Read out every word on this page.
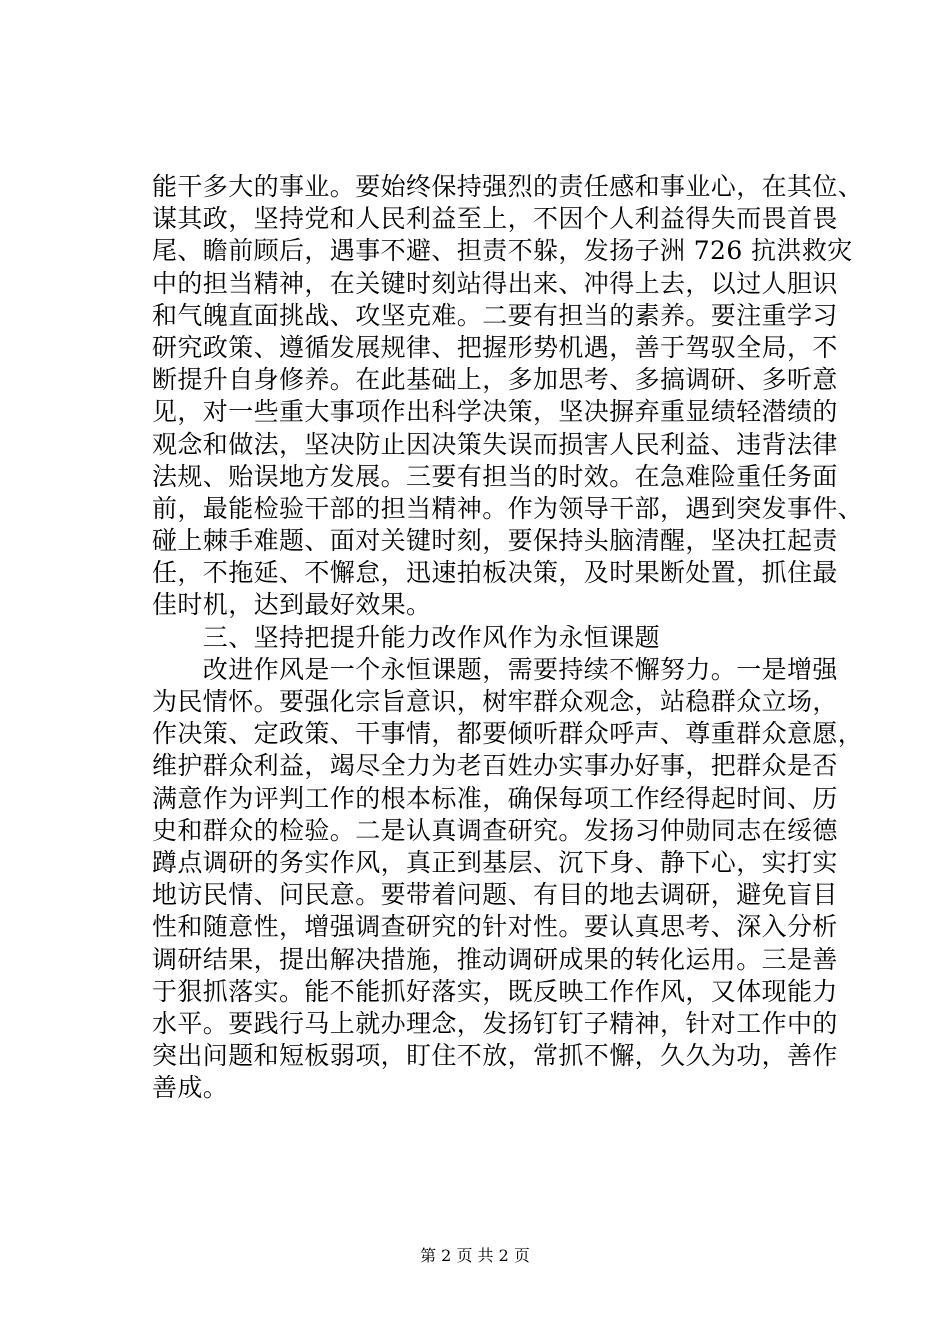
能干多大的事业。要始终保持强烈的责任感和事业心，在其位、
谋其政，坚持党和人民利益至上，不因个人利益得失而畏首畏
尾、瞻前顾后，遇事不避、担责不躲，发扬子洲 726 抗洪救灾
中的担当精神，在关键时刻站得出来、冲得上去，以过人胆识
和气魄直面挑战、攻坚克难。二要有担当的素养。要注重学习
研究政策、遵循发展规律、把握形势机遇，善于驾驭全局，不
断提升自身修养。在此基础上，多加思考、多搞调研、多听意
见，对一些重大事项作出科学决策，坚决摒弃重显绩轻潜绩的
观念和做法，坚决防止因决策失误而损害人民利益、违背法律
法规、贻误地方发展。三要有担当的时效。在急难险重任务面
前，最能检验干部的担当精神。作为领导干部，遇到突发事件、
碰上棘手难题、面对关键时刻，要保持头脑清醒，坚决扛起责
任，不拖延、不懈怠，迅速拍板决策，及时果断处置，抓住最
佳时机，达到最好效果。
　　三、坚持把提升能力改作风作为永恒课题
　　改进作风是一个永恒课题，需要持续不懈努力。一是增强
为民情怀。要强化宗旨意识，树牢群众观念，站稳群众立场，
作决策、定政策、干事情，都要倾听群众呼声、尊重群众意愿，
维护群众利益，竭尽全力为老百姓办实事办好事，把群众是否
满意作为评判工作的根本标准，确保每项工作经得起时间、历
史和群众的检验。二是认真调查研究。发扬习仲勋同志在绥德
蹲点调研的务实作风，真正到基层、沉下身、静下心，实打实
地访民情、问民意。要带着问题、有目的地去调研，避免盲目
性和随意性，增强调查研究的针对性。要认真思考、深入分析
调研结果，提出解决措施，推动调研成果的转化运用。三是善
于狠抓落实。能不能抓好落实，既反映工作作风，又体现能力
水平。要践行马上就办理念，发扬钉钉子精神，针对工作中的
突出问题和短板弱项，盯住不放，常抓不懈，久久为功，善作
善成。
第 2 页 共 2 页
